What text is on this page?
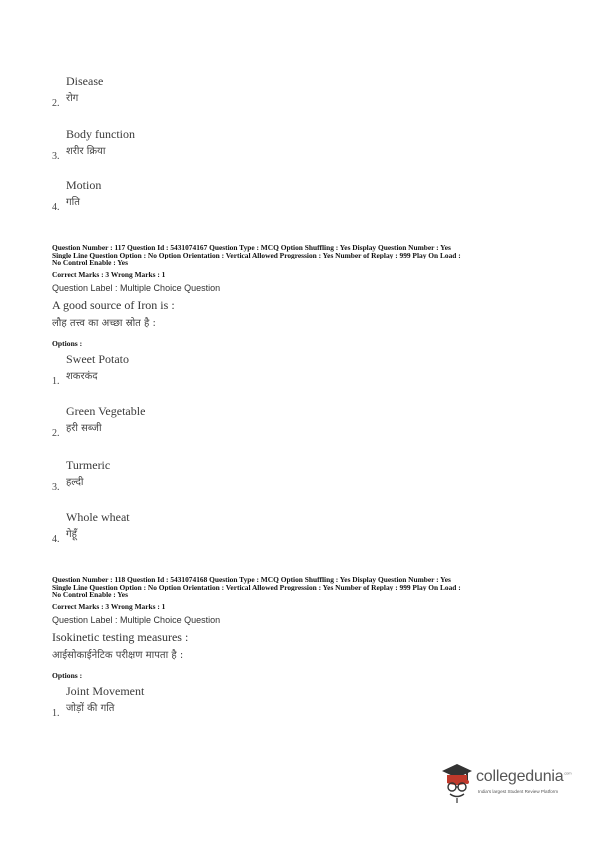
Disease
रोग
2.
Body function
शरीर क्रिया
3.
Motion
गति
4.
Question Number : 117 Question Id : 5431074167 Question Type : MCQ Option Shuffling : Yes Display Question Number : Yes
Single Line Question Option : No Option Orientation : Vertical Allowed Progression : Yes Number of Replay : 999 Play On Load :
No Control Enable : Yes
Correct Marks : 3 Wrong Marks : 1
Question Label : Multiple Choice Question
A good source of Iron is :
लौह तत्त्व का अच्छा स्रोत है :
Options :
Sweet Potato
शकरकंद
1.
Green Vegetable
हरी सब्जी
2.
Turmeric
हल्दी
3.
Whole wheat
गेहूँ
4.
Question Number : 118 Question Id : 5431074168 Question Type : MCQ Option Shuffling : Yes Display Question Number : Yes
Single Line Question Option : No Option Orientation : Vertical Allowed Progression : Yes Number of Replay : 999 Play On Load :
No Control Enable : Yes
Correct Marks : 3 Wrong Marks : 1
Question Label : Multiple Choice Question
Isokinetic testing measures :
आईसोकाईनेटिक परीक्षण मापता है :
Options :
Joint Movement
जोड़ों की गति
1.
collegedunia$^{.com}$
India's largest Student Review Platform
